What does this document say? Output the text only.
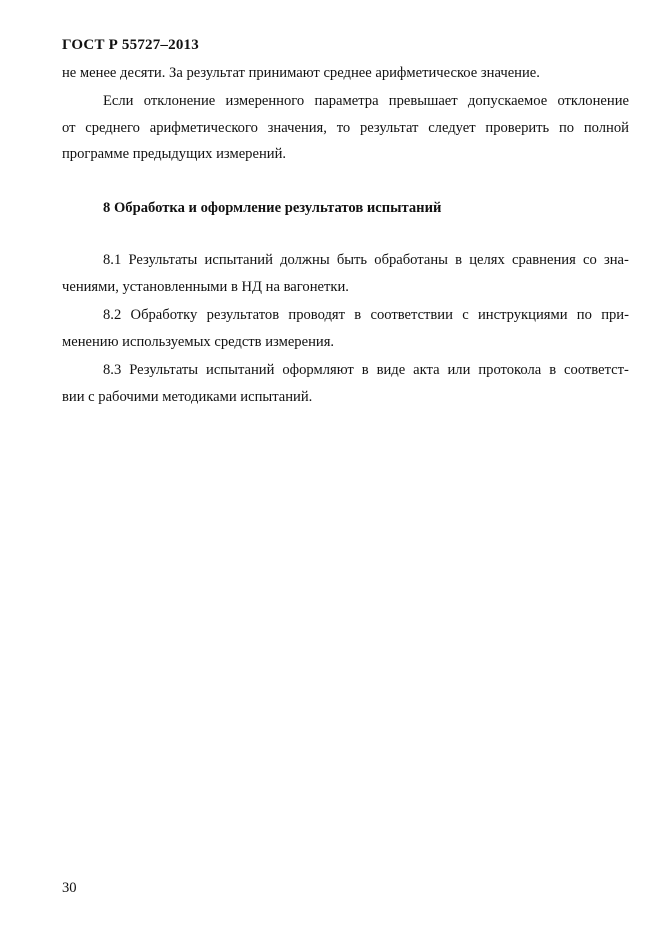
ГОСТ Р 55727–2013
не менее десяти. За результат принимают среднее арифметическое значение.
Если отклонение измеренного параметра превышает допускаемое отклонение
от среднего арифметического значения, то результат следует проверить по полной
программе предыдущих измерений.
8 Обработка и оформление результатов испытаний
8.1 Результаты испытаний должны быть обработаны в целях сравнения со зна-
чениями, установленными в НД на вагонетки.
8.2 Обработку результатов проводят в соответствии с инструкциями по при-
менению используемых средств измерения.
8.3 Результаты испытаний оформляют в виде акта или протокола в соответст-
вии с рабочими методиками испытаний.
30
